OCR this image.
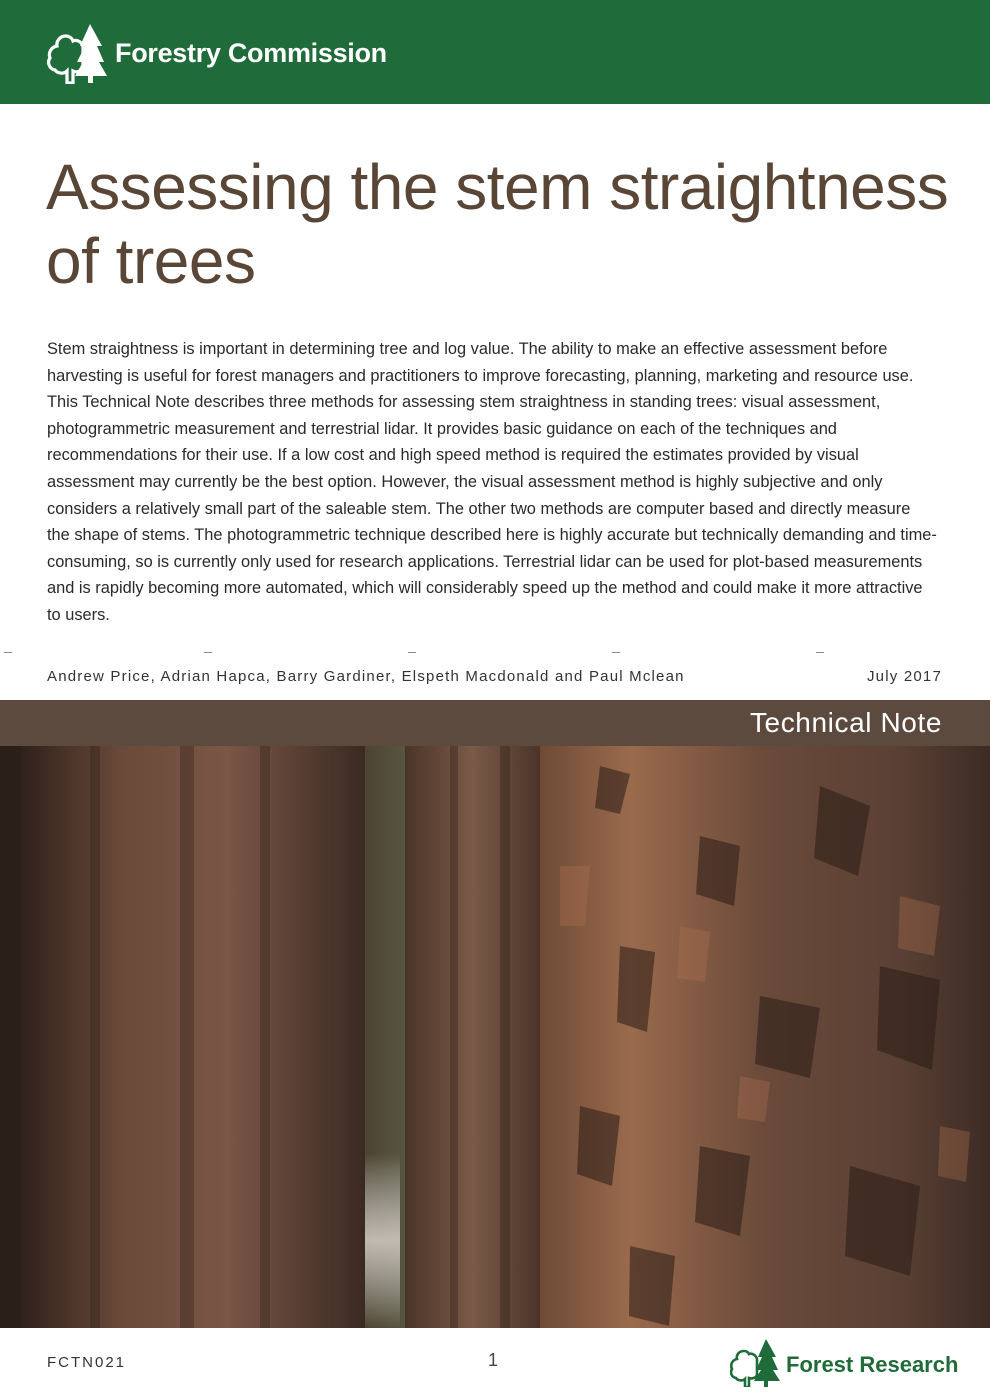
Forestry Commission
Assessing the stem straightness
of trees

Stem straightness is important in determining tree and log value. The ability to make an effective assessment before harvesting is useful for forest managers and practitioners to improve forecasting, planning, marketing and resource use. This Technical Note describes three methods for assessing stem straightness in standing trees: visual assessment, photogrammetric measurement and terrestrial lidar. It provides basic guidance on each of the techniques and recommendations for their use. If a low cost and high speed method is required the estimates provided by visual assessment may currently be the best option. However, the visual assessment method is highly subjective and only considers a relatively small part of the saleable stem. The other two methods are computer based and directly measure the shape of stems. The photogrammetric technique described here is highly accurate but technically demanding and time-consuming, so is currently only used for research applications. Terrestrial lidar can be used for plot-based measurements and is rapidly becoming more automated, which will considerably speed up the method and could make it more attractive to users.

Andrew Price, Adrian Hapca, Barry Gardiner, Elspeth Macdonald and Paul Mclean	July 2017
Technical Note
FCTN021	1	Forest Research
